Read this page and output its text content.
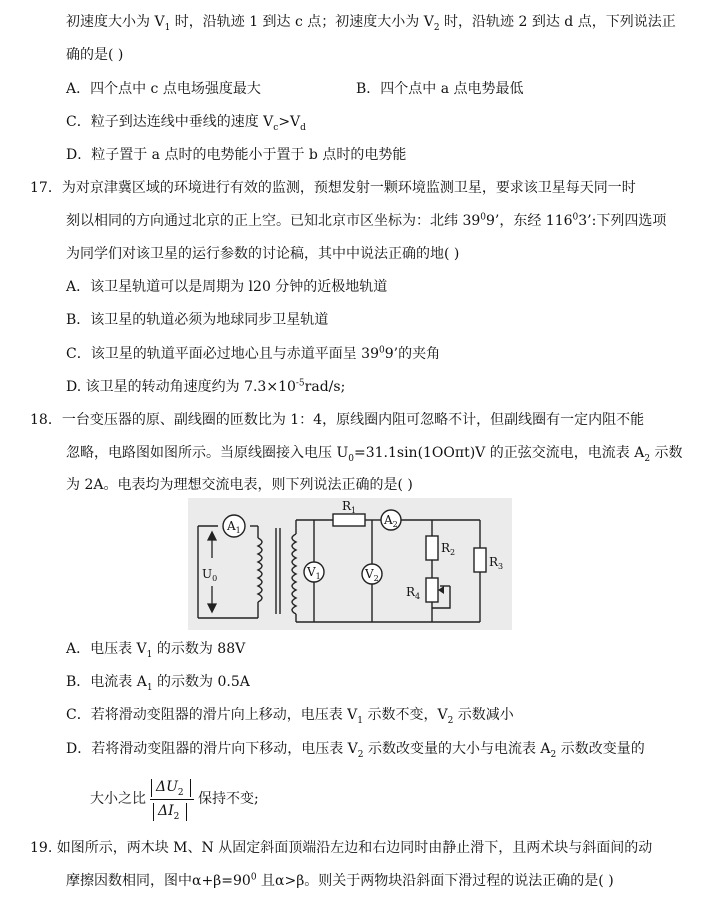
初速度大小为 $V_1$ 时，沿轨迹 1 到达 c 点；初速度大小为 $V_2$ 时，沿轨迹 2 到达 d 点，下列说法正
确的是( )
A．四个点中 c 点电场强度最大	B．四个点中 a 点电势最低
C．粒子到达连线中垂线的速度 $V_c>V_d$
D．粒子置于 a 点时的电势能小于置于 b 点时的电势能
17．为对京津冀区域的环境进行有效的监测，预想发射一颗环境监测卫星，要求该卫星每天同一时
刻以相同的方向通过北京的正上空。已知北京市区坐标为：北纬 $39^09$’，东经 $116^03$’:下列四选项
为同学们对该卫星的运行参数的讨论稿，其中中说法正确的地( )
A．该卫星轨道可以是周期为 l20 分钟的近极地轨道
B．该卫星的轨道必须为地球同步卫星轨道
C．该卫星的轨道平面必过地心且与赤道平面呈 $39^09$’的夹角
D. 该卫星的转动角速度约为 $7.3\times 10^{-5}rad/s$;
18．一台变压器的原、副线圈的匝数比为 1：4，原线圈内阻可忽略不计，但副线圈有一定内阻不能
忽略，电路图如图所示。当原线圈接入电压 $U_0=31.1\sin(1OO\pi t)V$ 的正弦交流电，电流表 $A_2$ 示数
为 2A。电表均为理想交流电表，则下列说法正确的是( )
$A_1$
$A_2$
$V_1$	$V_2$
$R_1$
$R_2$
$R_3$
$R_4$
$U_0$
A．电压表 $V_1$ 的示数为 88V
B．电流表 $A_1$ 的示数为 0.5A
C．若将滑动变阻器的滑片向上移动，电压表 $V_1$ 示数不变，$V_2$ 示数减小
D．若将滑动变阻器的滑片向下移动，电压表 $V_2$ 示数改变量的大小与电流表 $A_2$ 示数改变量的
大小之比
$\Delta U_2$
$\Delta I_2$
保持不变;
19. 如图所示，两木块 M、N 从固定斜面顶端沿左边和右边同时由静止滑下，且两术块与斜面间的动
摩擦因数相同，图中$\alpha+\beta=90^0$ 且α>β。则关于两物块沿斜面下滑过程的说法正确的是( )
